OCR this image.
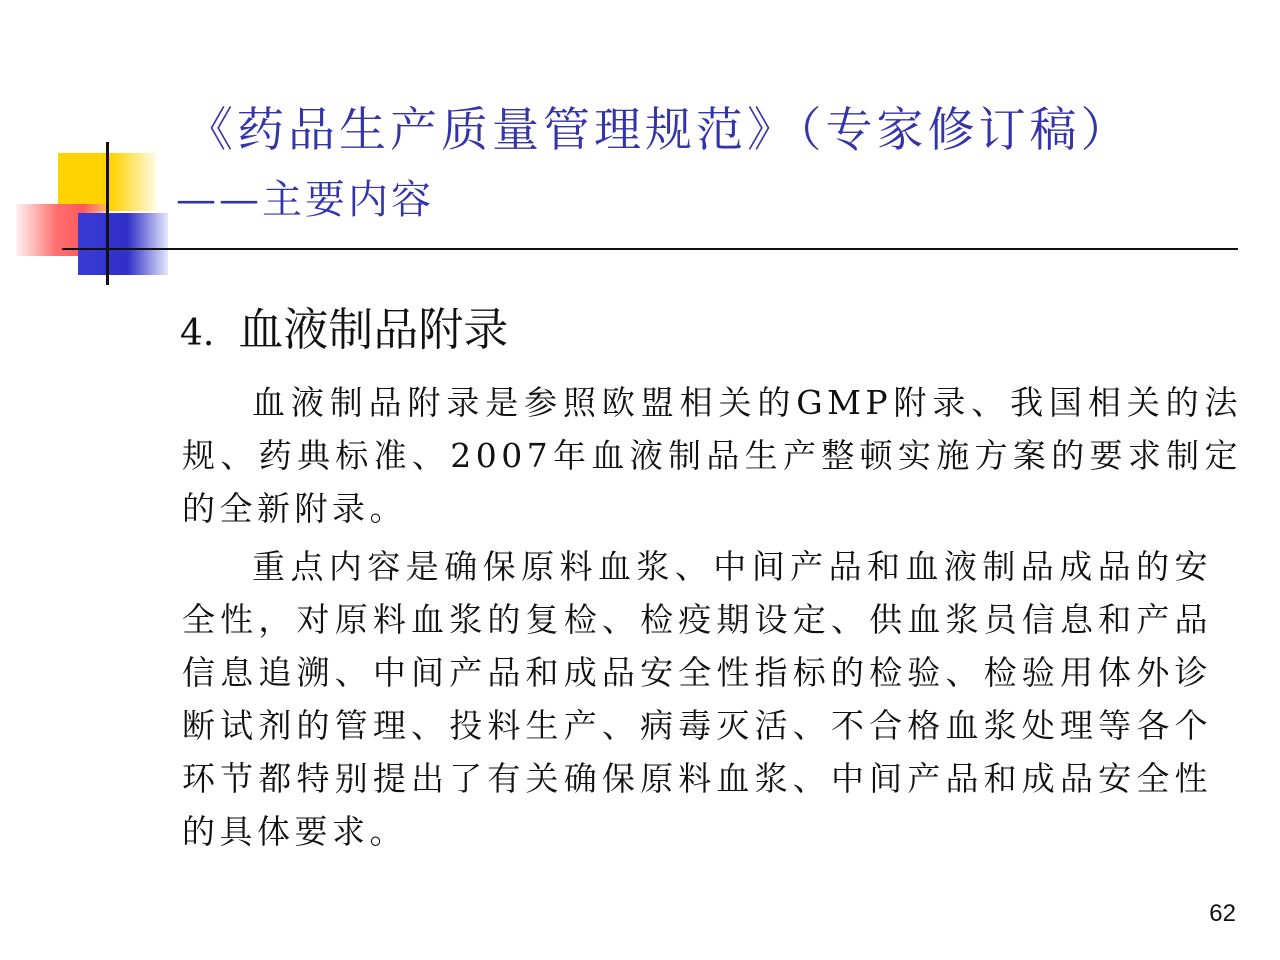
《药品生产质量管理规范》（专家修订稿）
——主要内容
4. 血液制品附录

血液制品附录是参照欧盟相关的GMP附录、我国相关的法规、药典标准、2007年血液制品生产整顿实施方案的要求制定的全新附录。

重点内容是确保原料血浆、中间产品和血液制品成品的安全性，对原料血浆的复检、检疫期设定、供血浆员信息和产品信息追溯、中间产品和成品安全性指标的检验、检验用体外诊断试剂的管理、投料生产、病毒灭活、不合格血浆处理等各个环节都特别提出了有关确保原料血浆、中间产品和成品安全性的具体要求。

62
